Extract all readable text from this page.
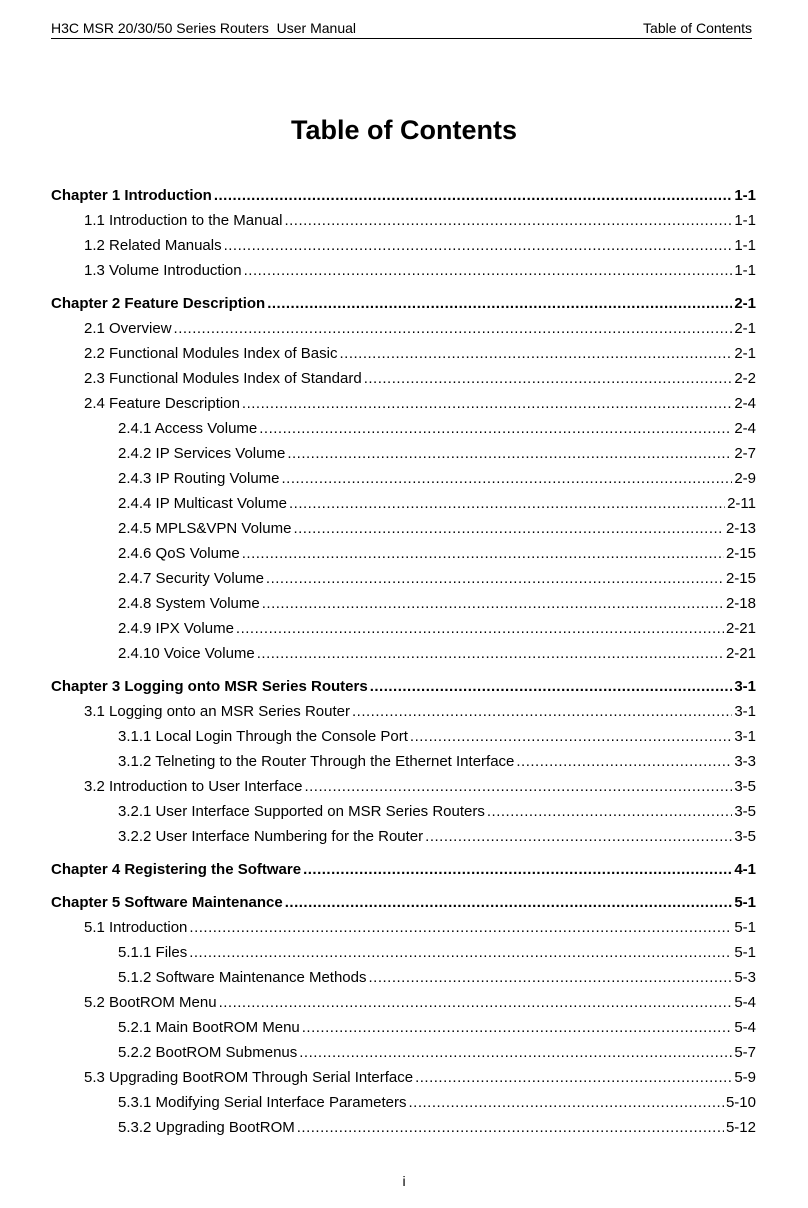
H3C MSR 20/30/50 Series Routers  User Manual	Table of Contents
Table of Contents
Chapter 1 Introduction .....	1-1
1.1 Introduction to the Manual .....	1-1
1.2 Related Manuals .....	1-1
1.3 Volume Introduction .....	1-1
Chapter 2 Feature Description .....	2-1
2.1 Overview .....	2-1
2.2 Functional Modules Index of Basic .....	2-1
2.3 Functional Modules Index of Standard .....	2-2
2.4 Feature Description .....	2-4
2.4.1 Access Volume .....	2-4
2.4.2 IP Services Volume .....	2-7
2.4.3 IP Routing Volume .....	2-9
2.4.4 IP Multicast Volume .....	2-11
2.4.5 MPLS&VPN Volume .....	2-13
2.4.6 QoS Volume .....	2-15
2.4.7 Security Volume .....	2-15
2.4.8 System Volume .....	2-18
2.4.9 IPX Volume .....	2-21
2.4.10 Voice Volume .....	2-21
Chapter 3 Logging onto MSR Series Routers .....	3-1
3.1 Logging onto an MSR Series Router .....	3-1
3.1.1 Local Login Through the Console Port .....	3-1
3.1.2 Telneting to the Router Through the Ethernet Interface .....	3-3
3.2 Introduction to User Interface .....	3-5
3.2.1 User Interface Supported on MSR Series Routers .....	3-5
3.2.2 User Interface Numbering for the Router .....	3-5
Chapter 4 Registering the Software .....	4-1
Chapter 5 Software Maintenance .....	5-1
5.1 Introduction .....	5-1
5.1.1 Files .....	5-1
5.1.2 Software Maintenance Methods .....	5-3
5.2 BootROM Menu .....	5-4
5.2.1 Main BootROM Menu .....	5-4
5.2.2 BootROM Submenus .....	5-7
5.3 Upgrading BootROM Through Serial Interface .....	5-9
5.3.1 Modifying Serial Interface Parameters .....	5-10
5.3.2 Upgrading BootROM .....	5-12
i
